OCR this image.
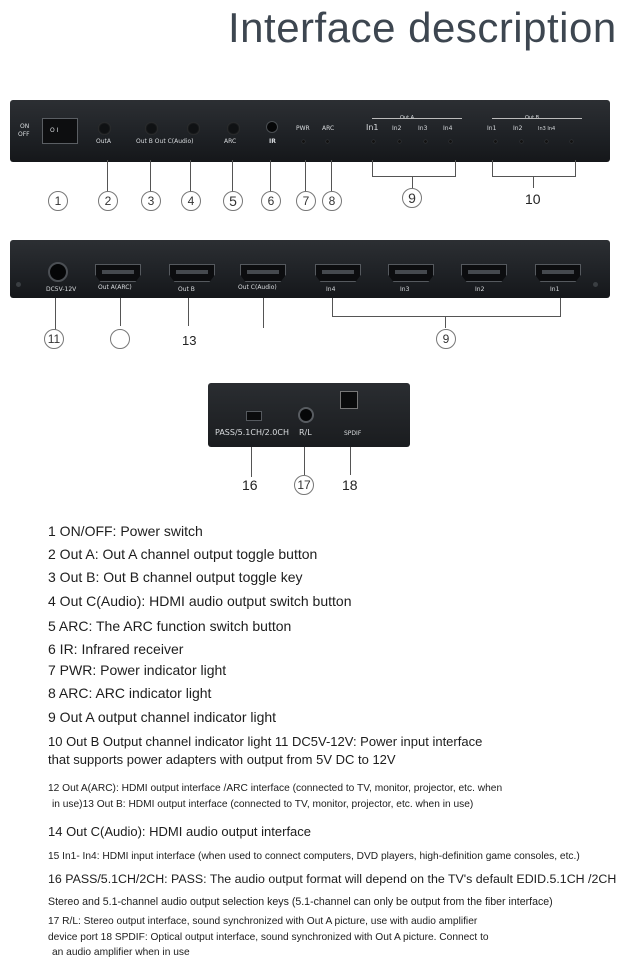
Interface description
ON
OFF
O I
OutA	Out B Out C(Audio)	ARC	IR
PWR ARC	In1 In2	In3	In4	In1	In2	In3 In4
1	2	3	4	5	6	7	8	9	10
DC5V-12V	Out A(ARC)	Out B	Out C(Audio)	In4	In3	In2	In1
11	13	9
PASS/5.1CH/2.0CH R/L	SPDIF
16	17 18
1 ON/OFF: Power switch
2 Out A: Out A channel output toggle button
3 Out B: Out B channel output toggle key
4 Out C(Audio): HDMI audio output switch button
5 ARC: The ARC function switch button
6 IR: Infrared receiver
7 PWR: Power indicator light
8 ARC: ARC indicator light
9 Out A output channel indicator light
10 Out B Output channel indicator light 11 DC5V-12V: Power input interface
that supports power adapters with output from 5V DC to 12V
12 Out A(ARC): HDMI output interface /ARC interface (connected to TV, monitor, projector, etc. when
in use)13 Out B: HDMI output interface (connected to TV, monitor, projector, etc. when in use)
14 Out C(Audio): HDMI audio output interface
15 In1- In4: HDMI input interface (when used to connect computers, DVD players, high-definition game consoles, etc.)
16 PASS/5.1CH/2CH: PASS: The audio output format will depend on the TV's default EDID.5.1CH /2CH
Stereo and 5.1-channel audio output selection keys (5.1-channel can only be output from the fiber interface)
17 R/L: Stereo output interface, sound synchronized with Out A picture, use with audio amplifier
device port 18 SPDIF: Optical output interface, sound synchronized with Out A picture. Connect to
an audio amplifier when in use
